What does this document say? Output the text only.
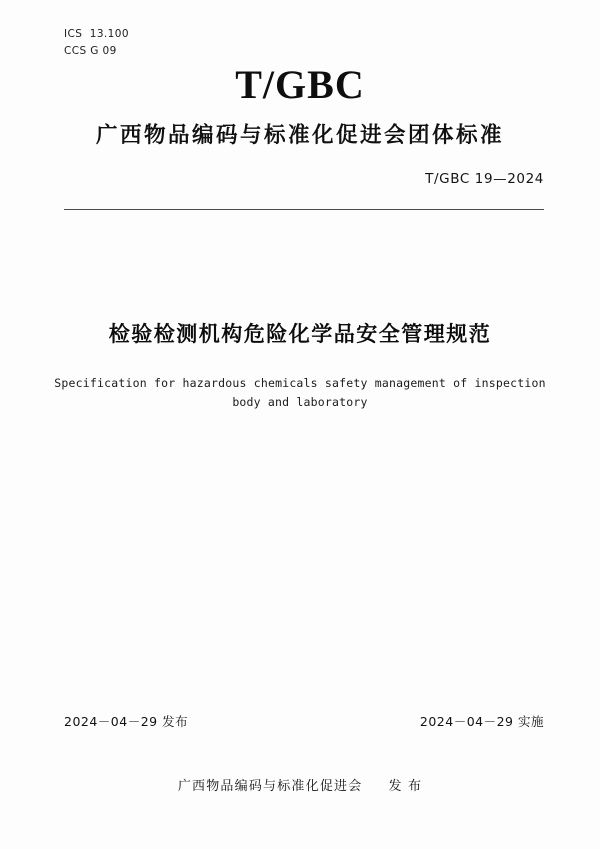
ICS  13.100
CCS G 09
T/GBC
广西物品编码与标准化促进会团体标准
T/GBC 19—2024
检验检测机构危险化学品安全管理规范
Specification for hazardous chemicals safety management of inspection
body and laboratory
2024－04－29 发布	2024－04－29 实施
广西物品编码与标准化促进会 发 布
